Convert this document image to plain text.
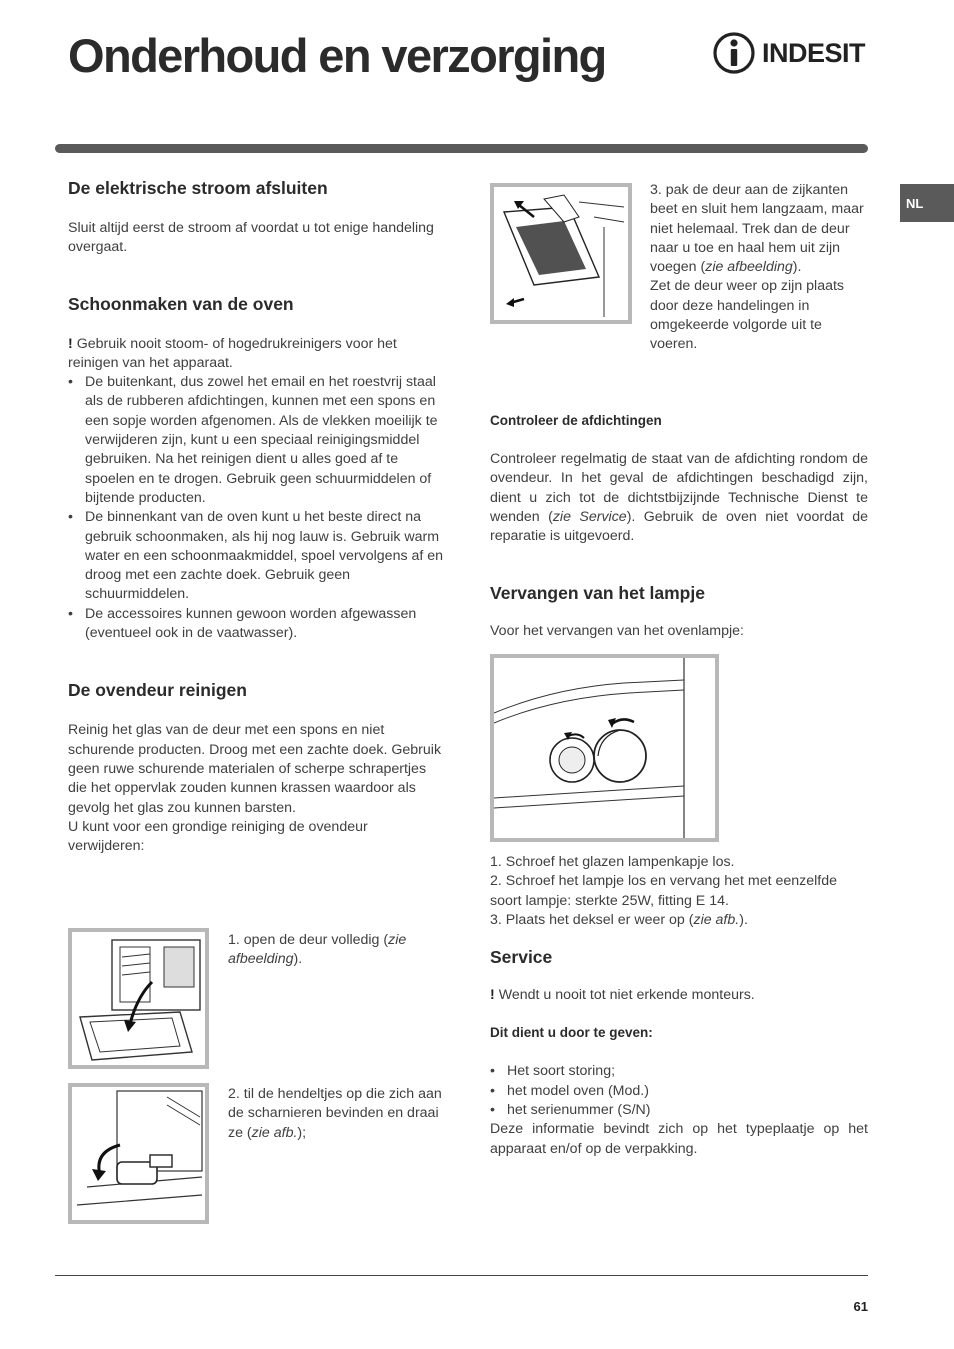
Onderhoud en verzorging	INDESIT
NL
De elektrische stroom afsluiten

Sluit altijd eerst de stroom af voordat u tot enige handeling overgaat.

Schoonmaken van de oven

! Gebruik nooit stoom- of hogedrukreinigers voor het reinigen van het apparaat.

• De buitenkant, dus zowel het email en het roestvrij staal als de rubberen afdichtingen, kunnen met een spons en een sopje worden afgenomen. Als de vlekken moeilijk te verwijderen zijn, kunt u een speciaal reinigingsmiddel gebruiken. Na het reinigen dient u alles goed af te spoelen en te drogen. Gebruik geen schuurmiddelen of bijtende producten.
• De binnenkant van de oven kunt u het beste direct na gebruik schoonmaken, als hij nog lauw is. Gebruik warm water en een schoonmaakmiddel, spoel vervolgens af en droog met een zachte doek. Gebruik geen schuurmiddelen.
• De accessoires kunnen gewoon worden afgewassen (eventueel ook in de vaatwasser).
De ovendeur reinigen

Reinig het glas van de deur met een spons en niet schurende producten. Droog met een zachte doek. Gebruik geen ruwe schurende materialen of scherpe schrapertjes die het oppervlak zouden kunnen krassen waardoor als gevolg het glas zou kunnen barsten.

U kunt voor een grondige reiniging de ovendeur verwijderen:

1. open de deur volledig (zie afbeelding).
2. til de hendeltjes op die zich aan de scharnieren bevinden en draai ze (zie afb.);
3. pak de deur aan de zijkanten beet en sluit hem langzaam, maar niet helemaal. Trek dan de deur naar u toe en haal hem uit zijn voegen (zie afbeelding).
Zet de deur weer op zijn plaats door deze handelingen in omgekeerde volgorde uit te voeren.
Controleer de afdichtingen

Controleer regelmatig de staat van de afdichting rondom de ovendeur. In het geval de afdichtingen beschadigd zijn, dient u zich tot de dichtstbijzijnde Technische Dienst te wenden (zie Service). Gebruik de oven niet voordat de reparatie is uitgevoerd.

Vervangen van het lampje

Voor het vervangen van het ovenlampje:

1. Schroef het glazen lampenkapje los.

2. Schroef het lampje los en vervang het met eenzelfde soort lampje: sterkte 25W, fitting E 14.

3. Plaats het deksel er weer op (zie afb.).

Service

! Wendt u nooit tot niet erkende monteurs.

Dit dient u door te geven:
• Het soort storing;
• het model oven (Mod.)
• het serienummer (S/N)

Deze informatie bevindt zich op het typeplaatje op het apparaat en/of op de verpakking.

61
